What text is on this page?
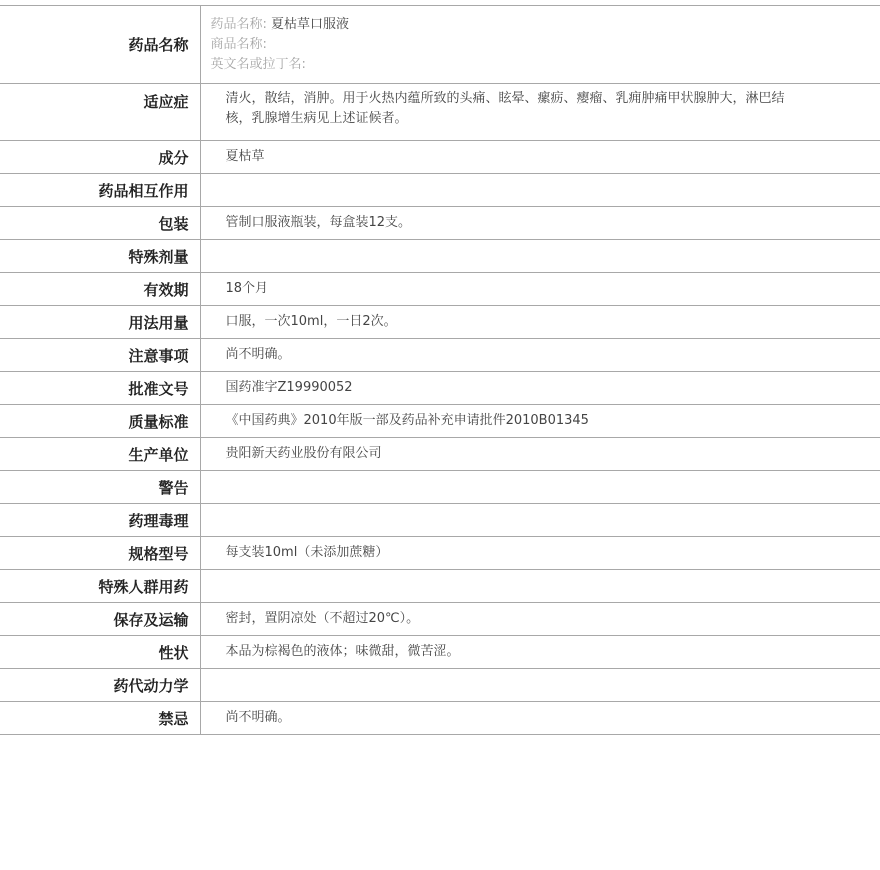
药品名称	药品名称: 夏枯草口服液
商品名称:
英文名或拉丁名:

适应症	清火，散结，消肿。用于火热内蕴所致的头痛、眩晕、瘰疬、瘿瘤、乳痈肿痛甲状腺肿大，淋巴结核，乳腺增生病见上述证候者。
成分	夏枯草
药品相互作用	
包装	管制口服液瓶装，每盒装12支。
特殊剂量	
有效期	18个月
用法用量	口服，一次10ml，一日2次。
注意事项	尚不明确。
批准文号	国药准字Z19990052
质量标准	《中国药典》2010年版一部及药品补充申请批件2010B01345
生产单位	贵阳新天药业股份有限公司
警告	
药理毒理	
规格型号	每支装10ml（未添加蔗糖）
特殊人群用药	
保存及运输	密封，置阴凉处（不超过20℃）。
性状	本品为棕褐色的液体；味微甜，微苦涩。
药代动力学	
禁忌	尚不明确。
